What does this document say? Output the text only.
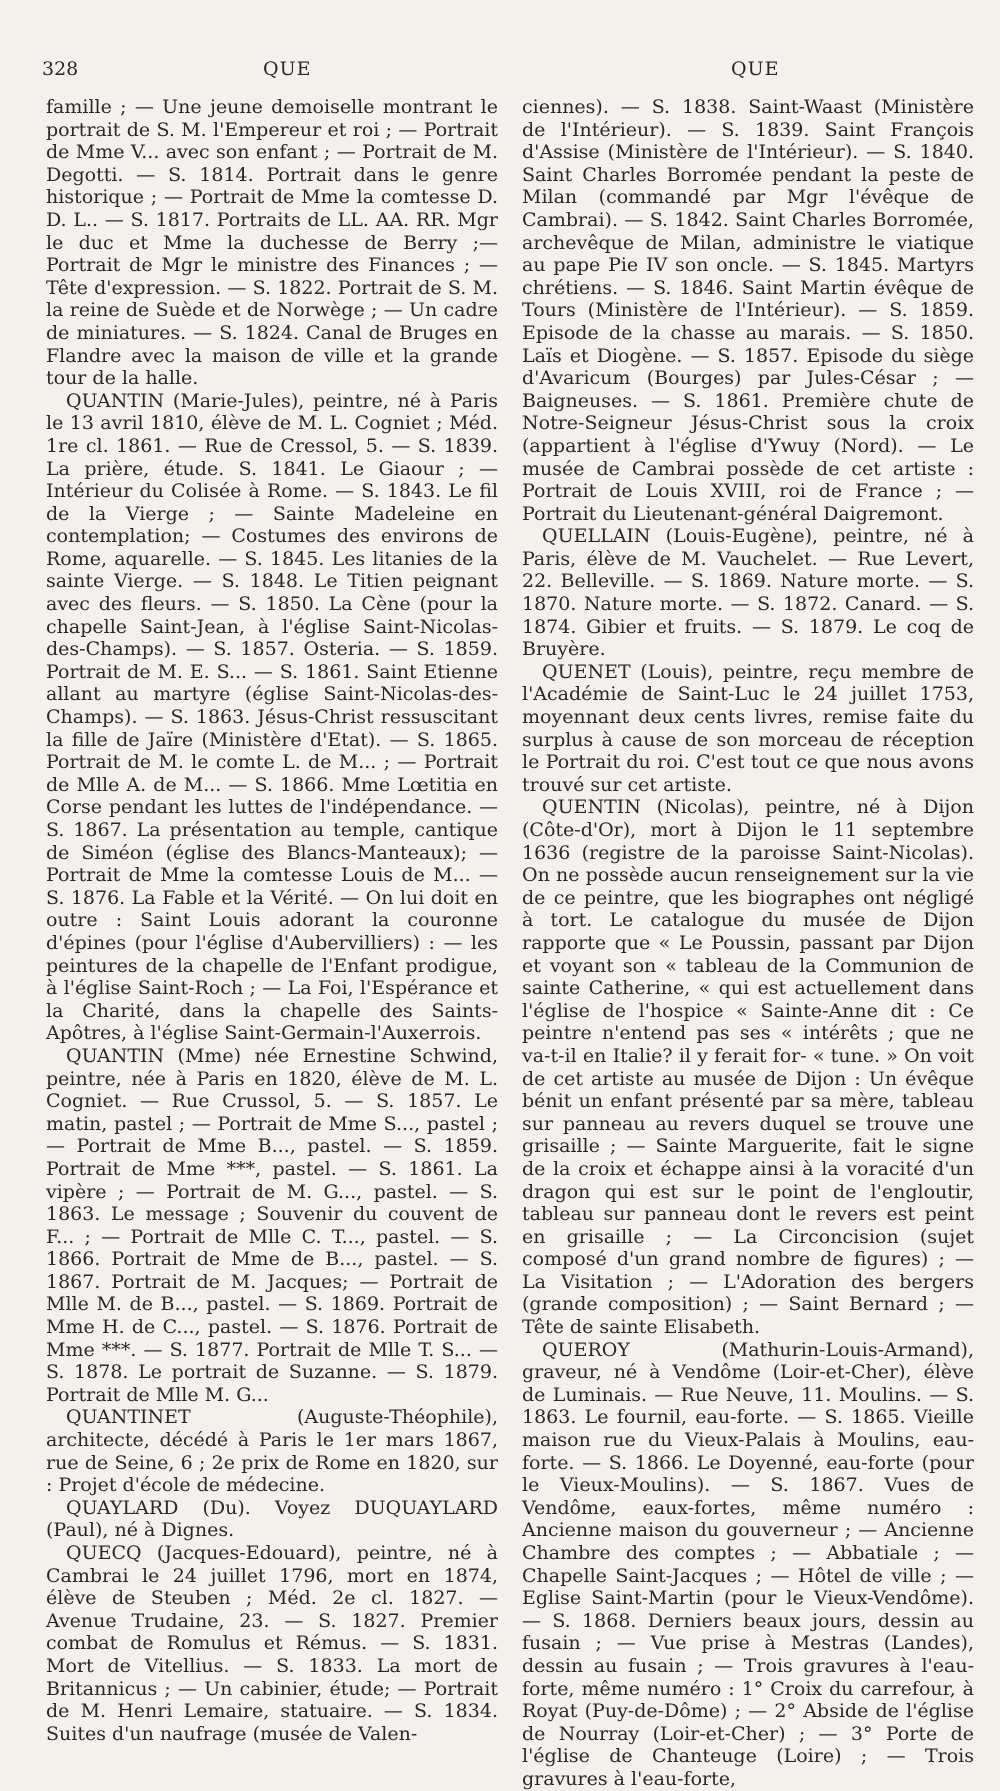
328	QUE	QUE

famille ; — Une jeune demoiselle montrant le portrait de S. M. l'Empereur et roi ; — Portrait de Mme V... avec son enfant ; — Portrait de M. Degotti. — S. 1814. Portrait dans le genre historique ; — Portrait de Mme la comtesse D. D. L.. — S. 1817. Portraits de LL. AA. RR. Mgr le duc et Mme la duchesse de Berry ;—Portrait de Mgr le ministre des Finances ; — Tête d'expression. — S. 1822. Portrait de S. M. la reine de Suède et de Norwège ; — Un cadre de miniatures. — S. 1824. Canal de Bruges en Flandre avec la maison de ville et la grande tour de la halle.

QUANTIN (Marie-Jules), peintre, né à Paris le 13 avril 1810, élève de M. L. Cogniet ; Méd. 1re cl. 1861. — Rue de Cressol, 5. — S. 1839. La prière, étude. S. 1841. Le Giaour ; — Intérieur du Colisée à Rome. — S. 1843. Le fil de la Vierge ; — Sainte Madeleine en contemplation; — Costumes des environs de Rome, aquarelle. — S. 1845. Les litanies de la sainte Vierge. — S. 1848. Le Titien peignant avec des fleurs. — S. 1850. La Cène (pour la chapelle Saint-Jean, à l'église Saint-Nicolas-des-Champs). — S. 1857. Osteria. — S. 1859. Portrait de M. E. S... — S. 1861. Saint Etienne allant au martyre (église Saint-Nicolas-des-Champs). — S. 1863. Jésus-Christ ressuscitant la fille de Jaïre (Ministère d'Etat). — S. 1865. Portrait de M. le comte L. de M... ; — Portrait de Mlle A. de M... — S. 1866. Mme Lœtitia en Corse pendant les luttes de l'indépendance. — S. 1867. La présentation au temple, cantique de Siméon (église des Blancs-Manteaux); — Portrait de Mme la comtesse Louis de M... — S. 1876. La Fable et la Vérité. — On lui doit en outre : Saint Louis adorant la couronne d'épines (pour l'église d'Aubervilliers) : — les peintures de la chapelle de l'Enfant prodigue, à l'église Saint-Roch ; — La Foi, l'Espérance et la Charité, dans la chapelle des Saints-Apôtres, à l'église Saint-Germain-l'Auxerrois.

QUANTIN (Mme) née Ernestine Schwind, peintre, née à Paris en 1820, élève de M. L. Cogniet. — Rue Crussol, 5. — S. 1857. Le matin, pastel ; — Portrait de Mme S..., pastel ; — Portrait de Mme B..., pastel. — S. 1859. Portrait de Mme ***, pastel. — S. 1861. La vipère ; — Portrait de M. G..., pastel. — S. 1863. Le message ; Souvenir du couvent de F... ; — Portrait de Mlle C. T..., pastel. — S. 1866. Portrait de Mme de B..., pastel. — S. 1867. Portrait de M. Jacques; — Portrait de Mlle M. de B..., pastel. — S. 1869. Portrait de Mme H. de C..., pastel. — S. 1876. Portrait de Mme ***. — S. 1877. Portrait de Mlle T. S... — S. 1878. Le portrait de Suzanne. — S. 1879. Portrait de Mlle M. G...

QUANTINET (Auguste-Théophile), architecte, décédé à Paris le 1er mars 1867, rue de Seine, 6 ; 2e prix de Rome en 1820, sur : Projet d'école de médecine.

QUAYLARD (Du). Voyez DUQUAYLARD (Paul), né à Dignes.

QUECQ (Jacques-Edouard), peintre, né à Cambrai le 24 juillet 1796, mort en 1874, élève de Steuben ; Méd. 2e cl. 1827. — Avenue Trudaine, 23. — S. 1827. Premier combat de Romulus et Rémus. — S. 1831. Mort de Vitellius. — S. 1833. La mort de Britannicus ; — Un cabinier, étude; — Portrait de M. Henri Lemaire, statuaire. — S. 1834. Suites d'un naufrage (musée de Valen-

ciennes). — S. 1838. Saint-Waast (Ministère de l'Intérieur). — S. 1839. Saint François d'Assise (Ministère de l'Intérieur). — S. 1840. Saint Charles Borromée pendant la peste de Milan (commandé par Mgr l'évêque de Cambrai). — S. 1842. Saint Charles Borromée, archevêque de Milan, administre le viatique au pape Pie IV son oncle. — S. 1845. Martyrs chrétiens. — S. 1846. Saint Martin évêque de Tours (Ministère de l'Intérieur). — S. 1859. Episode de la chasse au marais. — S. 1850. Laïs et Diogène. — S. 1857. Episode du siège d'Avaricum (Bourges) par Jules-César ; — Baigneuses. — S. 1861. Première chute de Notre-Seigneur Jésus-Christ sous la croix (appartient à l'église d'Ywuy (Nord). — Le musée de Cambrai possède de cet artiste : Portrait de Louis XVIII, roi de France ; — Portrait du Lieutenant-général Daigremont.

QUELLAIN (Louis-Eugène), peintre, né à Paris, élève de M. Vauchelet. — Rue Levert, 22. Belleville. — S. 1869. Nature morte. — S. 1870. Nature morte. — S. 1872. Canard. — S. 1874. Gibier et fruits. — S. 1879. Le coq de Bruyère.

QUENET (Louis), peintre, reçu membre de l'Académie de Saint-Luc le 24 juillet 1753, moyennant deux cents livres, remise faite du surplus à cause de son morceau de réception le Portrait du roi. C'est tout ce que nous avons trouvé sur cet artiste.

QUENTIN (Nicolas), peintre, né à Dijon (Côte-d'Or), mort à Dijon le 11 septembre 1636 (registre de la paroisse Saint-Nicolas). On ne possède aucun renseignement sur la vie de ce peintre, que les biographes ont négligé à tort. Le catalogue du musée de Dijon rapporte que « Le Poussin, passant par Dijon et voyant son « tableau de la Communion de sainte Catherine, « qui est actuellement dans l'église de l'hospice « Sainte-Anne dit : Ce peintre n'entend pas ses « intérêts ; que ne va-t-il en Italie? il y ferait for- « tune. » On voit de cet artiste au musée de Dijon : Un évêque bénit un enfant présenté par sa mère, tableau sur panneau au revers duquel se trouve une grisaille ; — Sainte Marguerite, fait le signe de la croix et échappe ainsi à la voracité d'un dragon qui est sur le point de l'engloutir, tableau sur panneau dont le revers est peint en grisaille ; — La Circoncision (sujet composé d'un grand nombre de figures) ; — La Visitation ; — L'Adoration des bergers (grande composition) ; — Saint Bernard ; — Tête de sainte Elisabeth.

QUEROY (Mathurin-Louis-Armand), graveur, né à Vendôme (Loir-et-Cher), élève de Luminais. — Rue Neuve, 11. Moulins. — S. 1863. Le fournil, eau-forte. — S. 1865. Vieille maison rue du Vieux-Palais à Moulins, eau-forte. — S. 1866. Le Doyenné, eau-forte (pour le Vieux-Moulins). — S. 1867. Vues de Vendôme, eaux-fortes, même numéro : Ancienne maison du gouverneur ; — Ancienne Chambre des comptes ; — Abbatiale ; — Chapelle Saint-Jacques ; — Hôtel de ville ; — Eglise Saint-Martin (pour le Vieux-Vendôme). — S. 1868. Derniers beaux jours, dessin au fusain ; — Vue prise à Mestras (Landes), dessin au fusain ; — Trois gravures à l'eau-forte, même numéro : 1° Croix du carrefour, à Royat (Puy-de-Dôme) ; — 2° Abside de l'église de Nourray (Loir-et-Cher) ; — 3° Porte de l'église de Chanteuge (Loire) ; — Trois gravures à l'eau-forte,
